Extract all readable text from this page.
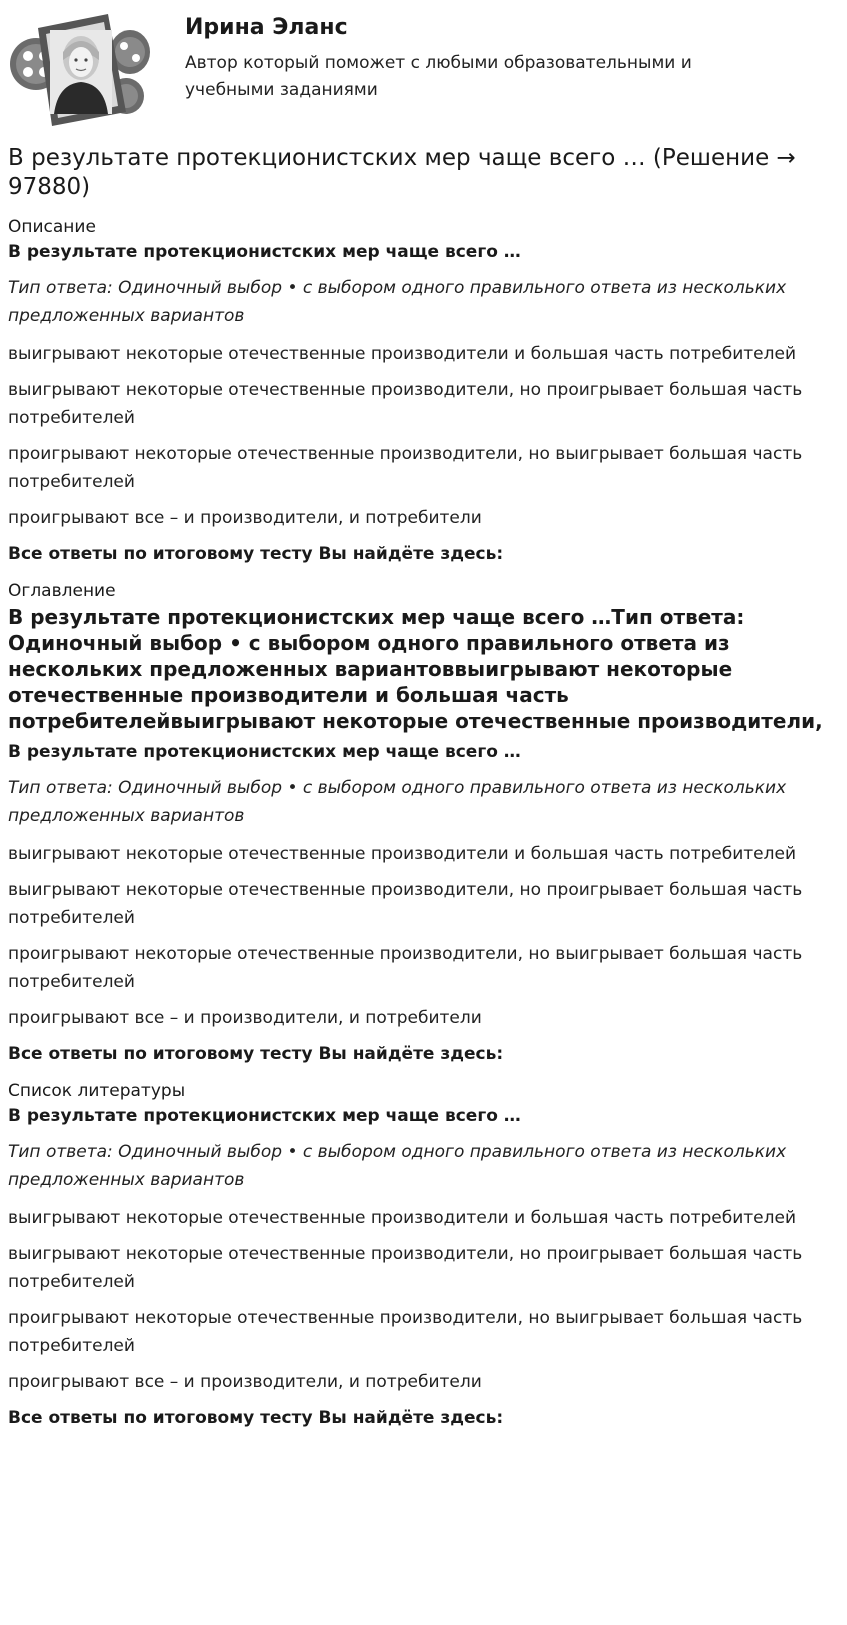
Ирина Эланс
Автор который поможет с любыми образовательными и учебными заданиями
В результате протекционистских мер чаще всего … (Решение → 97880)
Описание
В результате протекционистских мер чаще всего …
Тип ответа: Одиночный выбор • с выбором одного правильного ответа из нескольких предложенных вариантов
выигрывают некоторые отечественные производители и большая часть потребителей
выигрывают некоторые отечественные производители, но проигрывает большая часть потребителей
проигрывают некоторые отечественные производители, но выигрывает большая часть потребителей
проигрывают все – и производители, и потребители
Все ответы по итоговому тесту Вы найдёте здесь:
Оглавление
В результате протекционистских мер чаще всего …Тип ответа: Одиночный выбор • с выбором одного правильного ответа из нескольких предложенных вариантоввыигрывают некоторые отечественные производители и большая часть потребителейвыигрывают некоторые отечественные производители,
В результате протекционистских мер чаще всего …
Тип ответа: Одиночный выбор • с выбором одного правильного ответа из нескольких предложенных вариантов
выигрывают некоторые отечественные производители и большая часть потребителей
выигрывают некоторые отечественные производители, но проигрывает большая часть потребителей
проигрывают некоторые отечественные производители, но выигрывает большая часть потребителей
проигрывают все – и производители, и потребители
Все ответы по итоговому тесту Вы найдёте здесь:
Список литературы
В результате протекционистских мер чаще всего …
Тип ответа: Одиночный выбор • с выбором одного правильного ответа из нескольких предложенных вариантов
выигрывают некоторые отечественные производители и большая часть потребителей
выигрывают некоторые отечественные производители, но проигрывает большая часть потребителей
проигрывают некоторые отечественные производители, но выигрывает большая часть потребителей
проигрывают все – и производители, и потребители
Все ответы по итоговому тесту Вы найдёте здесь:
